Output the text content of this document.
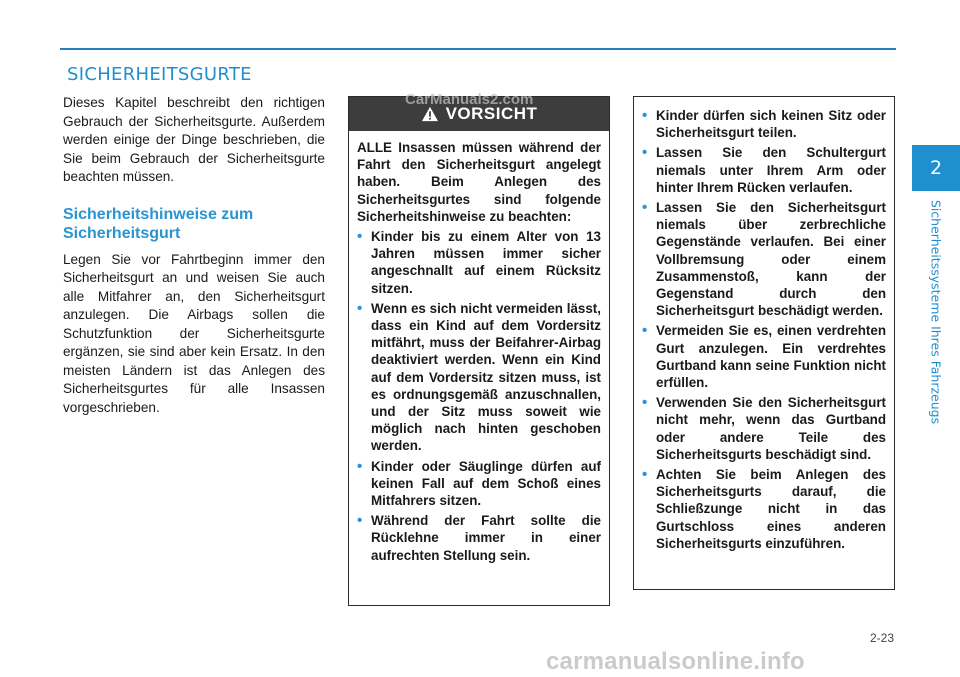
SICHERHEITSGURTE

Dieses Kapitel beschreibt den richtigen Gebrauch der Sicherheitsgurte. Außerdem werden einige der Dinge beschrieben, die Sie beim Gebrauch der Sicherheitsgurte beachten müssen.

Sicherheitshinweise zum Sicherheitsgurt

Legen Sie vor Fahrtbeginn immer den Sicherheitsgurt an und weisen Sie auch alle Mitfahrer an, den Sicherheitsgurt anzulegen. Die Airbags sollen die Schutzfunktion der Sicherheitsgurte ergänzen, sie sind aber kein Ersatz. In den meisten Ländern ist das Anlegen des Sicherheitsgurtes für alle Insassen vorgeschrieben.

VORSICHT

ALLE Insassen müssen während der Fahrt den Sicherheitsgurt angelegt haben. Beim Anlegen des Sicherheitsgurtes sind folgende Sicherheitshinweise zu beachten:

• Kinder bis zu einem Alter von 13 Jahren müssen immer sicher angeschnallt auf einem Rücksitz sitzen.
• Wenn es sich nicht vermeiden lässt, dass ein Kind auf dem Vordersitz mitfährt, muss der Beifahrer-Airbag deaktiviert werden. Wenn ein Kind auf dem Vordersitz sitzen muss, ist es ordnungsgemäß anzuschnallen, und der Sitz muss soweit wie möglich nach hinten geschoben werden.
• Kinder oder Säuglinge dürfen auf keinen Fall auf dem Schoß eines Mitfahrers sitzen.
• Während der Fahrt sollte die Rücklehne immer in einer aufrechten Stellung sein.
• Kinder dürfen sich keinen Sitz oder Sicherheitsgurt teilen.
• Lassen Sie den Schultergurt niemals unter Ihrem Arm oder hinter Ihrem Rücken verlaufen.
• Lassen Sie den Sicherheitsgurt niemals über zerbrechliche Gegenstände verlaufen. Bei einer Vollbremsung oder einem Zusammenstoß, kann der Gegenstand durch den Sicherheitsgurt beschädigt werden.
• Vermeiden Sie es, einen verdrehten Gurt anzulegen. Ein verdrehtes Gurtband kann seine Funktion nicht erfüllen.
• Verwenden Sie den Sicherheitsgurt nicht mehr, wenn das Gurtband oder andere Teile des Sicherheitsgurts beschädigt sind.
• Achten Sie beim Anlegen des Sicherheitsgurts darauf, die Schließzunge nicht in das Gurtschloss eines anderen Sicherheitsgurts einzuführen.
2
Sicherheitssysteme Ihres Fahrzeugs
2-23
CarManuals2.com
carmanualsonline.info
